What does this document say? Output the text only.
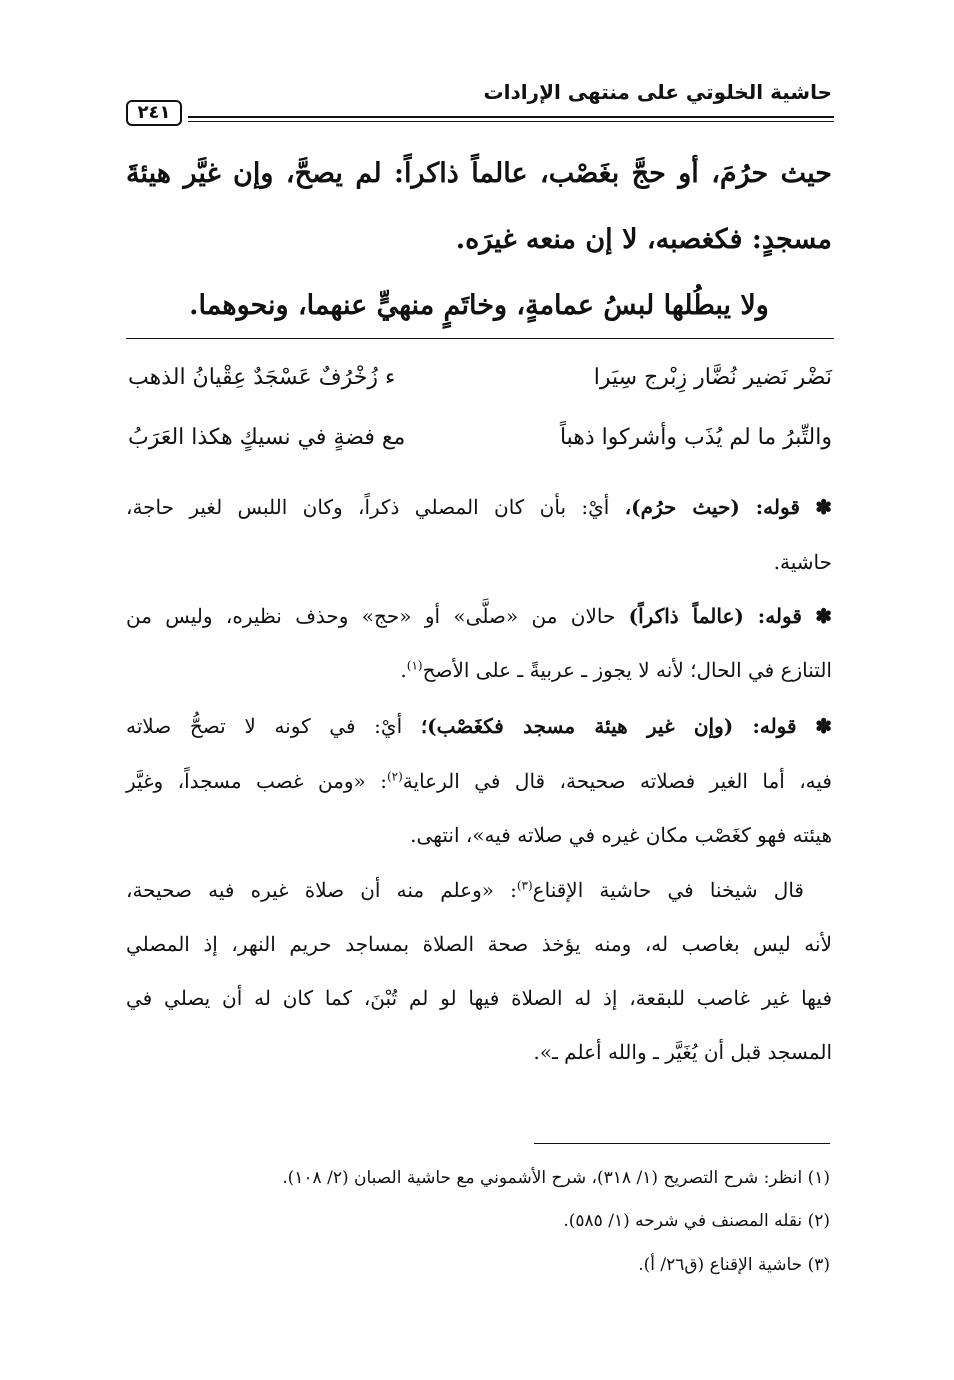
حاشية الخلوتي على منتهى الإرادات
٢٤١
حيث حرُمَ، أو حجَّ بغَصْب، عالماً ذاكراً: لم يصحَّ، وإن غيَّر هيئةَ
مسجدٍ: فكغصبه، لا إن منعه غيرَه.
ولا يبطُلها لبسُ عمامةٍ، وخاتَمٍ منهيٍّ عنهما، ونحوهما.
نَضْر نَضير نُضَّار زِبْرج سِيَرا
ء زُخْرُفٌ عَسْجَدٌ عِقْيانُ الذهب
والتِّبرُ ما لم يُذَب وأشركوا ذهباً
مع فضةٍ في نسيكٍ هكذا العَرَبُ
✽ قوله: (حيث حرُم)، أيْ: بأن كان المصلي ذكراً، وكان اللبس لغير حاجة،
حاشية.
✽ قوله: (عالماً ذاكراً) حالان من «صلَّى» أو «حج» وحذف نظيره، وليس من
التنازع في الحال؛ لأنه لا يجوز ـ عربيةً ـ على الأصح$^{(١)}$.
✽ قوله: (وإن غير هيئة مسجد فكغَصْب)؛ أيْ: في كونه لا تصحُّ صلاته
فيه، أما الغير فصلاته صحيحة، قال في الرعاية$^{(٢)}$: «ومن غصب مسجداً، وغيَّر
هيئته فهو كغَصْب مكان غيره في صلاته فيه»، انتهى.
قال شيخنا في حاشية الإقناع$^{(٣)}$: «وعلم منه أن صلاة غيره فيه صحيحة،
لأنه ليس بغاصب له، ومنه يؤخذ صحة الصلاة بمساجد حريم النهر، إذ المصلي
فيها غير غاصب للبقعة، إذ له الصلاة فيها لو لم تُبْنَ، كما كان له أن يصلي في
المسجد قبل أن يُغَيَّر ـ والله أعلم ـ».
(١) انظر: شرح التصريح (١/ ٣١٨)، شرح الأشموني مع حاشية الصبان (٢/ ١٠٨).
(٢) نقله المصنف في شرحه (١/ ٥٨٥).
(٣) حاشية الإقناع (ق٢٦/ أ).
